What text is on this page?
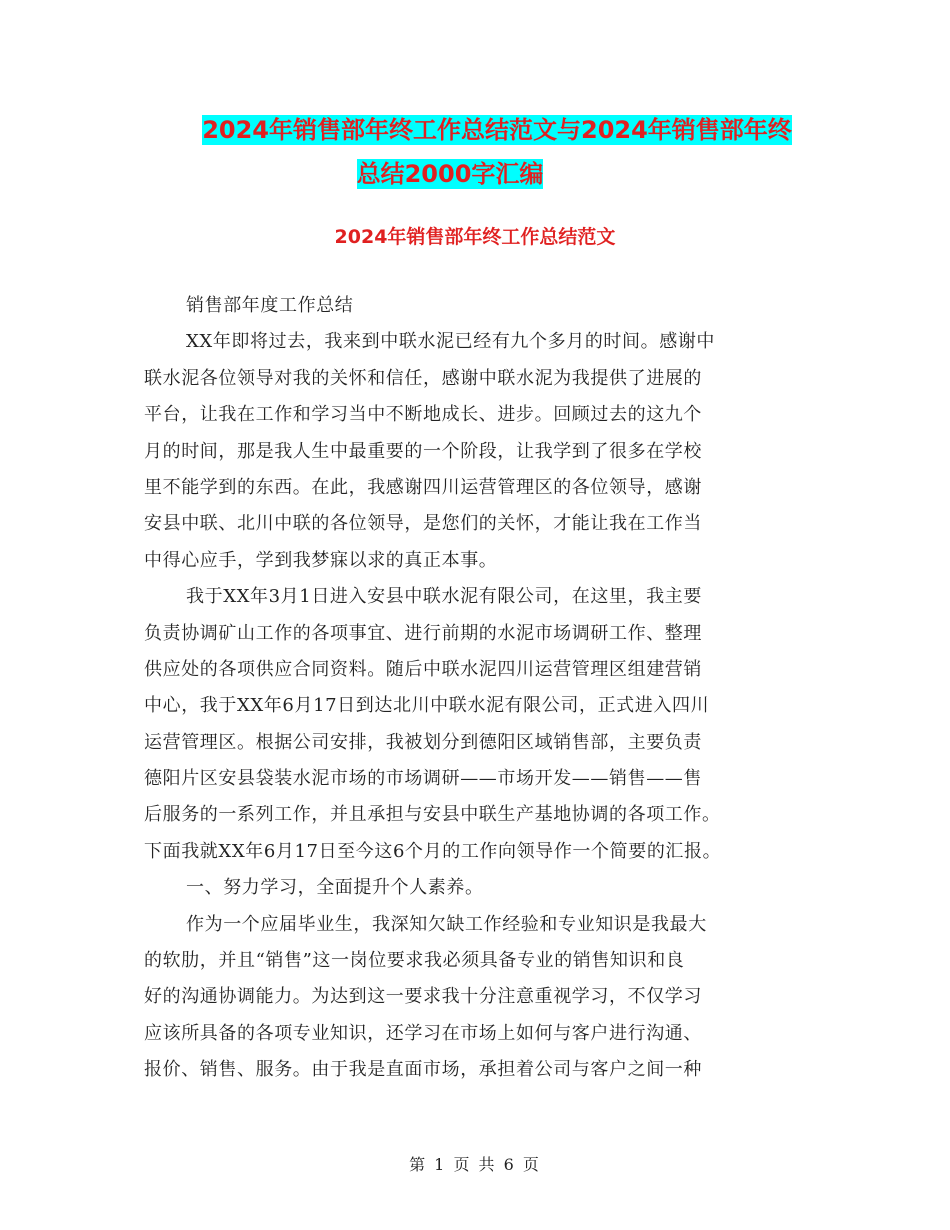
2024年销售部年终工作总结范文与2024年销售部年终
总结2000字汇编
2024年销售部年终工作总结范文
销售部年度工作总结
XX年即将过去，我来到中联水泥已经有九个多月的时间。感谢中
联水泥各位领导对我的关怀和信任，感谢中联水泥为我提供了进展的
平台，让我在工作和学习当中不断地成长、进步。回顾过去的这九个
月的时间，那是我人生中最重要的一个阶段，让我学到了很多在学校
里不能学到的东西。在此，我感谢四川运营管理区的各位领导，感谢
安县中联、北川中联的各位领导，是您们的关怀，才能让我在工作当
中得心应手，学到我梦寐以求的真正本事。
我于XX年3月1日进入安县中联水泥有限公司，在这里，我主要
负责协调矿山工作的各项事宜、进行前期的水泥市场调研工作、整理
供应处的各项供应合同资料。随后中联水泥四川运营管理区组建营销
中心，我于XX年6月17日到达北川中联水泥有限公司，正式进入四川
运营管理区。根据公司安排，我被划分到德阳区域销售部，主要负责
德阳片区安县袋装水泥市场的市场调研——市场开发——销售——售
后服务的一系列工作，并且承担与安县中联生产基地协调的各项工作。
下面我就XX年6月17日至今这6个月的工作向领导作一个简要的汇报。
一、努力学习，全面提升个人素养。
作为一个应届毕业生，我深知欠缺工作经验和专业知识是我最大
的软肋，并且“销售”这一岗位要求我必须具备专业的销售知识和良
好的沟通协调能力。为达到这一要求我十分注意重视学习，不仅学习
应该所具备的各项专业知识，还学习在市场上如何与客户进行沟通、
报价、销售、服务。由于我是直面市场，承担着公司与客户之间一种
第 1 页 共 6 页
